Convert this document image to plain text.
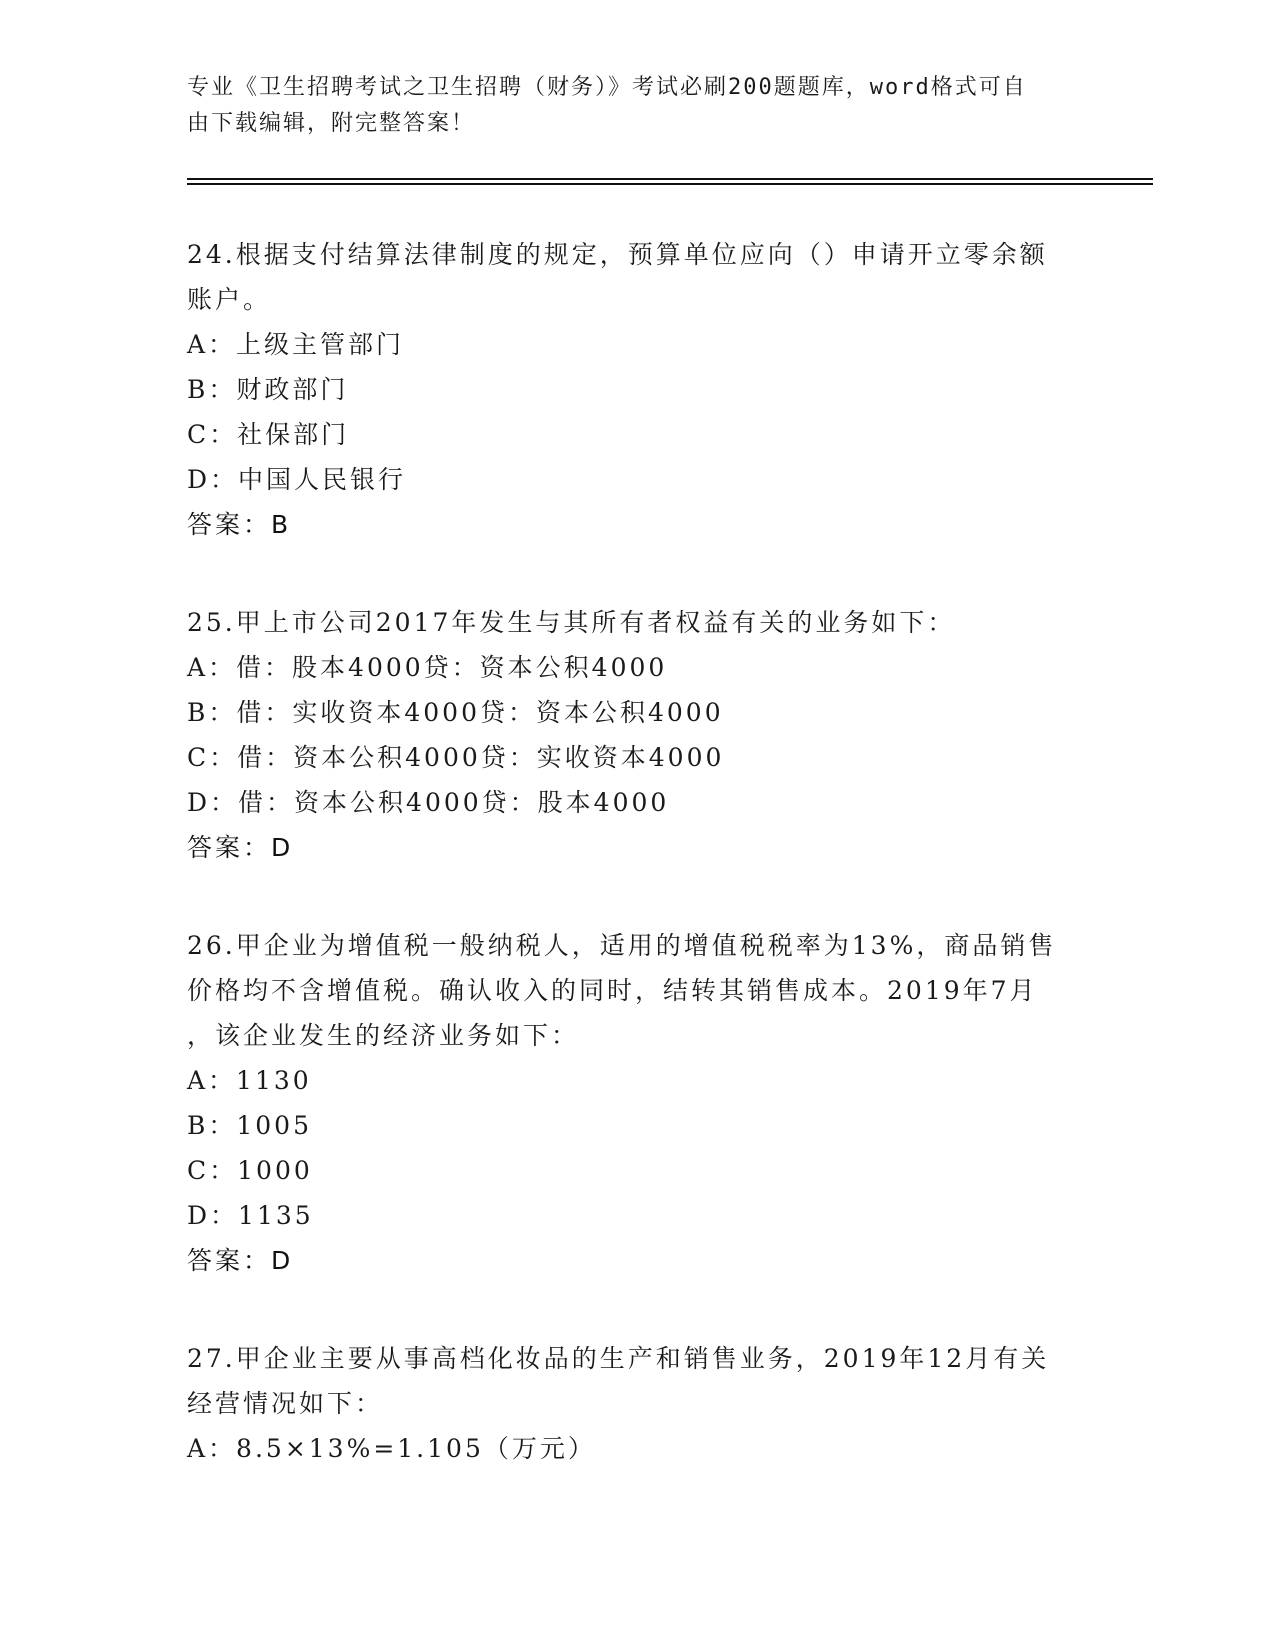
专业《卫生招聘考试之卫生招聘（财务）》考试必刷200题题库，word格式可自
由下载编辑，附完整答案！

24.根据支付结算法律制度的规定，预算单位应向（）申请开立零余额

账户。

A：上级主管部门

B：财政部门

C：社保部门

D：中国人民银行

答案：B

25.甲上市公司2017年发生与其所有者权益有关的业务如下：

A：借：股本4000贷：资本公积4000

B：借：实收资本4000贷：资本公积4000

C：借：资本公积4000贷：实收资本4000

D：借：资本公积4000贷：股本4000

答案：D

26.甲企业为增值税一般纳税人，适用的增值税税率为13%，商品销售

价格均不含增值税。确认收入的同时，结转其销售成本。2019年7月

，该企业发生的经济业务如下：

A：1130

B：1005

C：1000

D：1135

答案：D

27.甲企业主要从事高档化妆品的生产和销售业务，2019年12月有关

经营情况如下：

A：8.5×13%=1.105（万元）
